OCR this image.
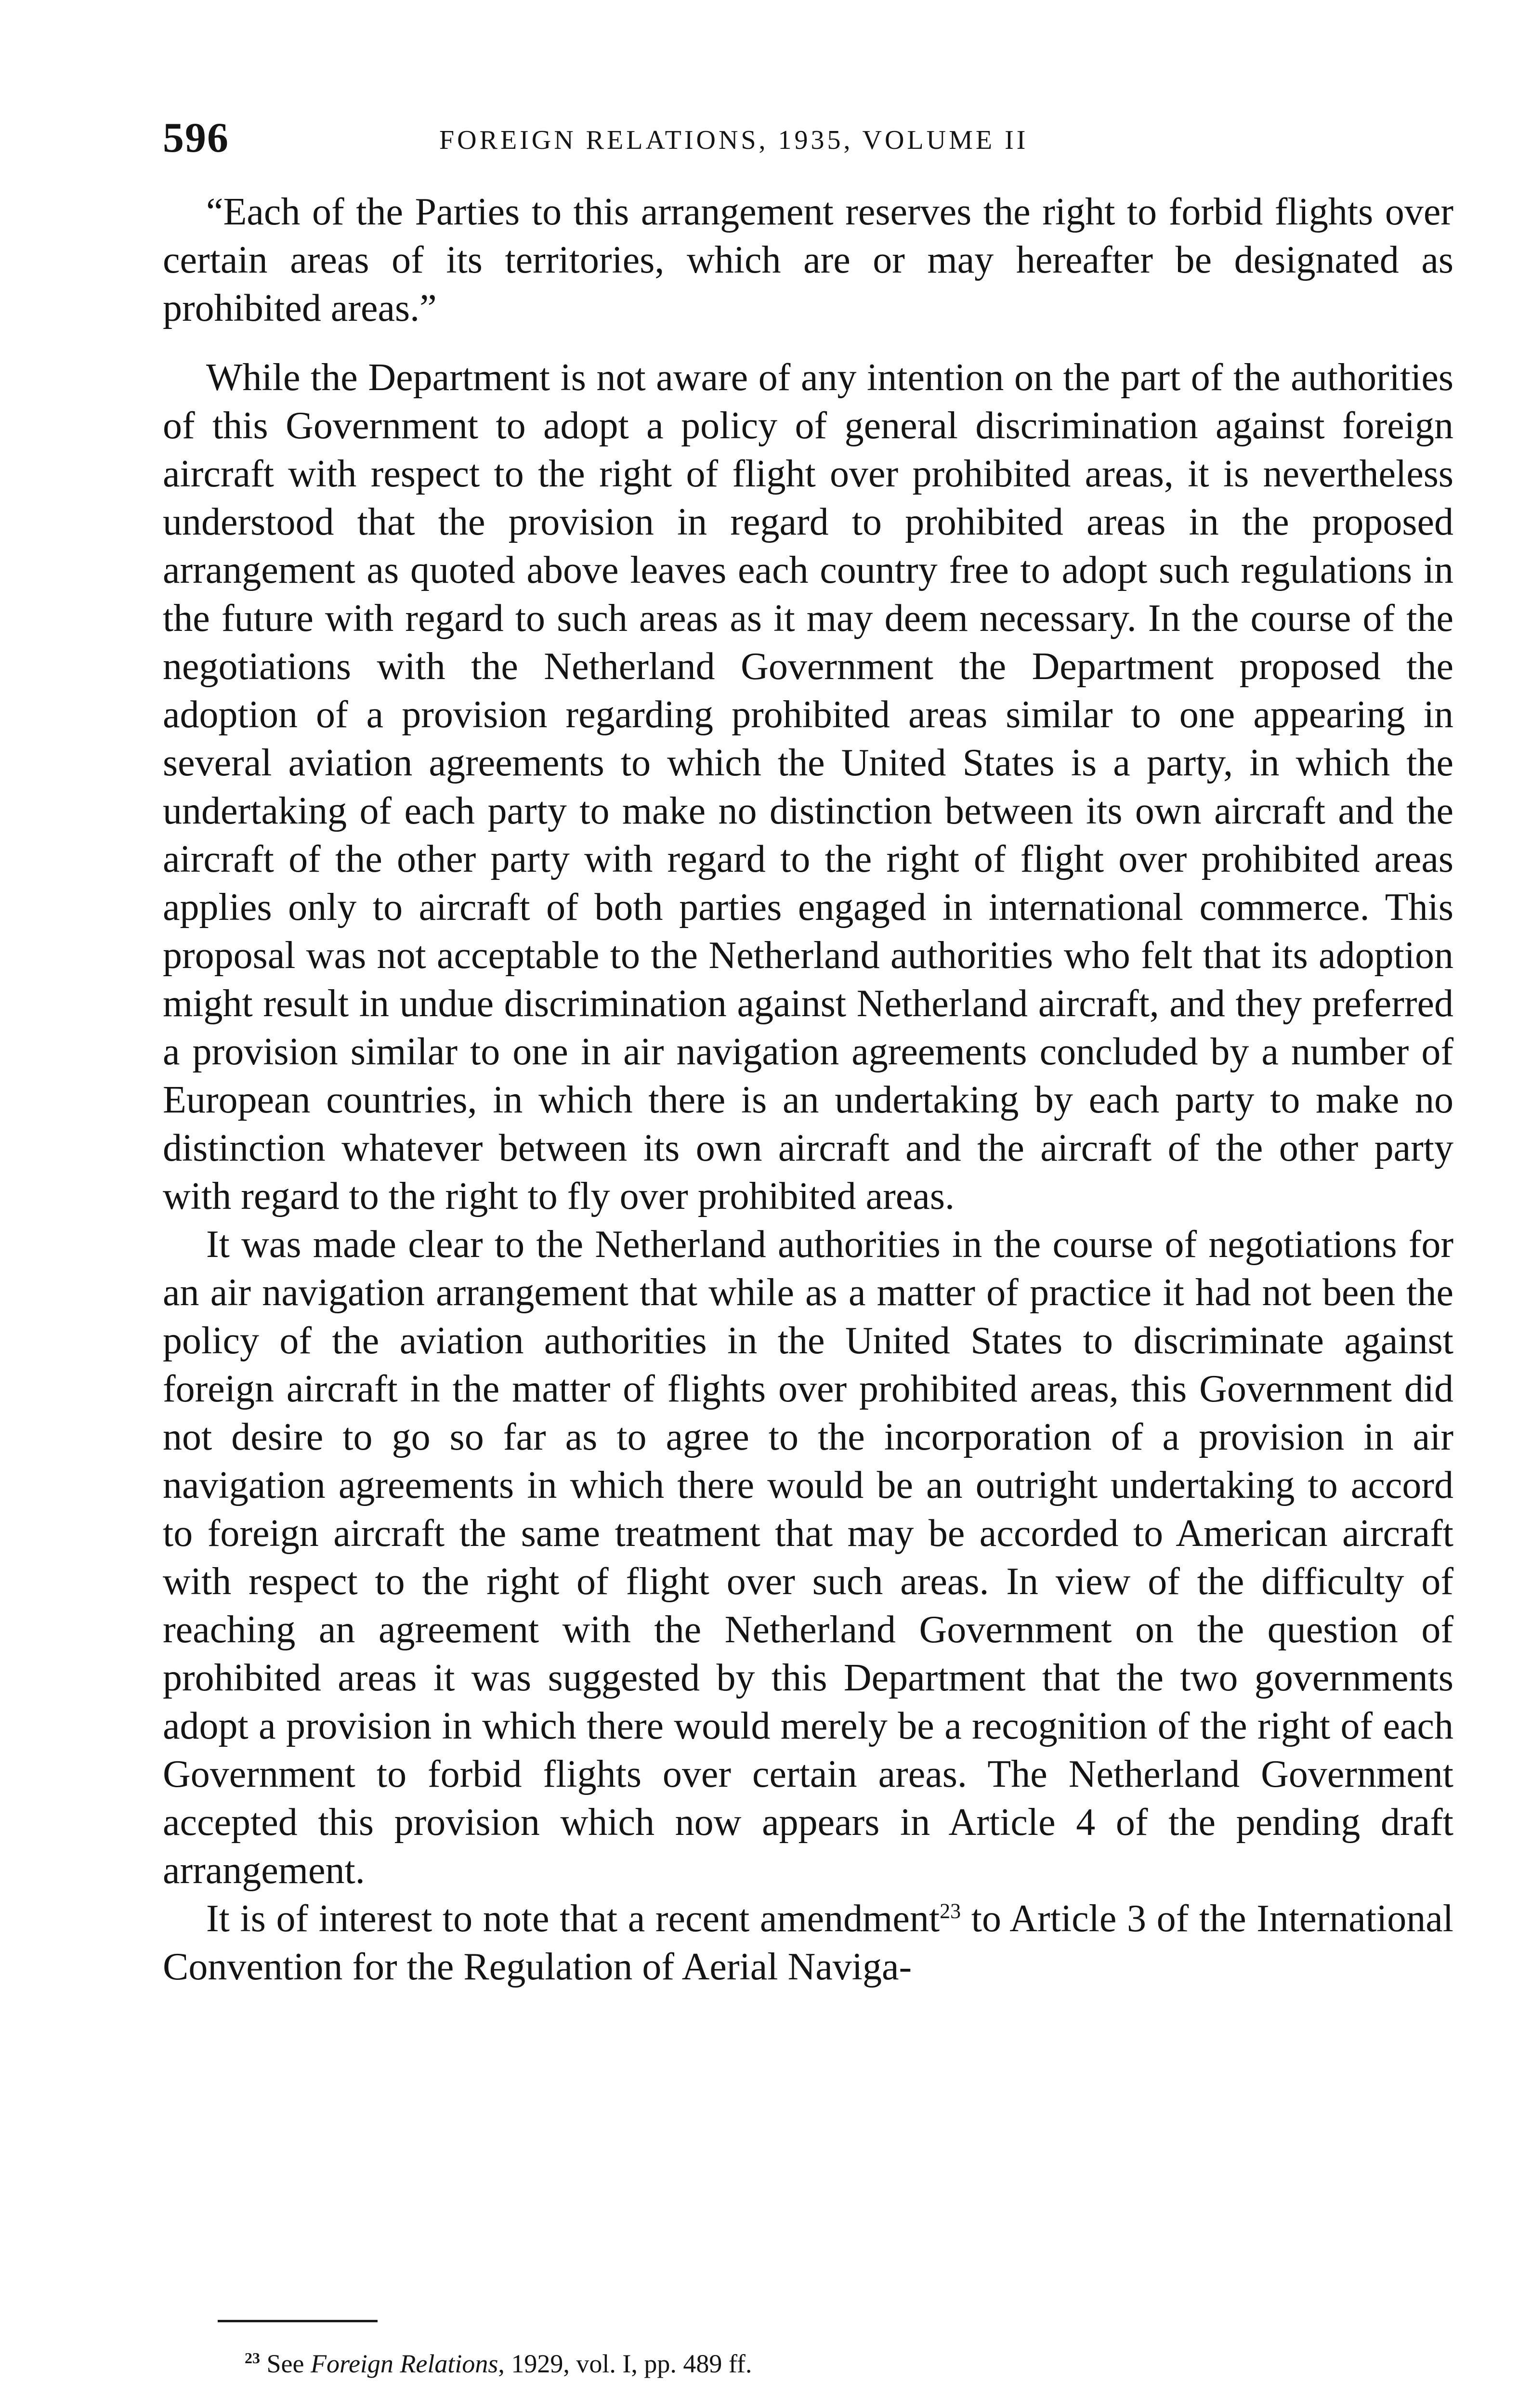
596	FOREIGN RELATIONS, 1935, VOLUME II

“Each of the Parties to this arrangement reserves the right to forbid flights over certain areas of its territories, which are or may hereafter be designated as prohibited areas.”

While the Department is not aware of any intention on the part of the authorities of this Government to adopt a policy of general discrimination against foreign aircraft with respect to the right of flight over prohibited areas, it is nevertheless understood that the provision in regard to prohibited areas in the proposed arrangement as quoted above leaves each country free to adopt such regulations in the future with regard to such areas as it may deem necessary. In the course of the negotiations with the Netherland Government the Department proposed the adoption of a provision regarding prohibited areas similar to one appearing in several aviation agreements to which the United States is a party, in which the undertaking of each party to make no distinction between its own aircraft and the aircraft of the other party with regard to the right of flight over prohibited areas applies only to aircraft of both parties engaged in international commerce. This proposal was not acceptable to the Netherland authorities who felt that its adoption might result in undue discrimination against Netherland aircraft, and they preferred a provision similar to one in air navigation agreements concluded by a number of European countries, in which there is an undertaking by each party to make no distinction whatever between its own aircraft and the aircraft of the other party with regard to the right to fly over prohibited areas.

It was made clear to the Netherland authorities in the course of negotiations for an air navigation arrangement that while as a matter of practice it had not been the policy of the aviation authorities in the United States to discriminate against foreign aircraft in the matter of flights over prohibited areas, this Government did not desire to go so far as to agree to the incorporation of a provision in air navigation agreements in which there would be an outright undertaking to accord to foreign aircraft the same treatment that may be accorded to American aircraft with respect to the right of flight over such areas. In view of the difficulty of reaching an agreement with the Netherland Government on the question of prohibited areas it was suggested by this Department that the two governments adopt a provision in which there would merely be a recognition of the right of each Government to forbid flights over certain areas. The Netherland Government accepted this provision which now appears in Article 4 of the pending draft arrangement.

It is of interest to note that a recent amendment$^{23}$ to Article 3 of the International Convention for the Regulation of Aerial Naviga-

$^{23}$ See Foreign Relations, 1929, vol. I, pp. 489 ff.
